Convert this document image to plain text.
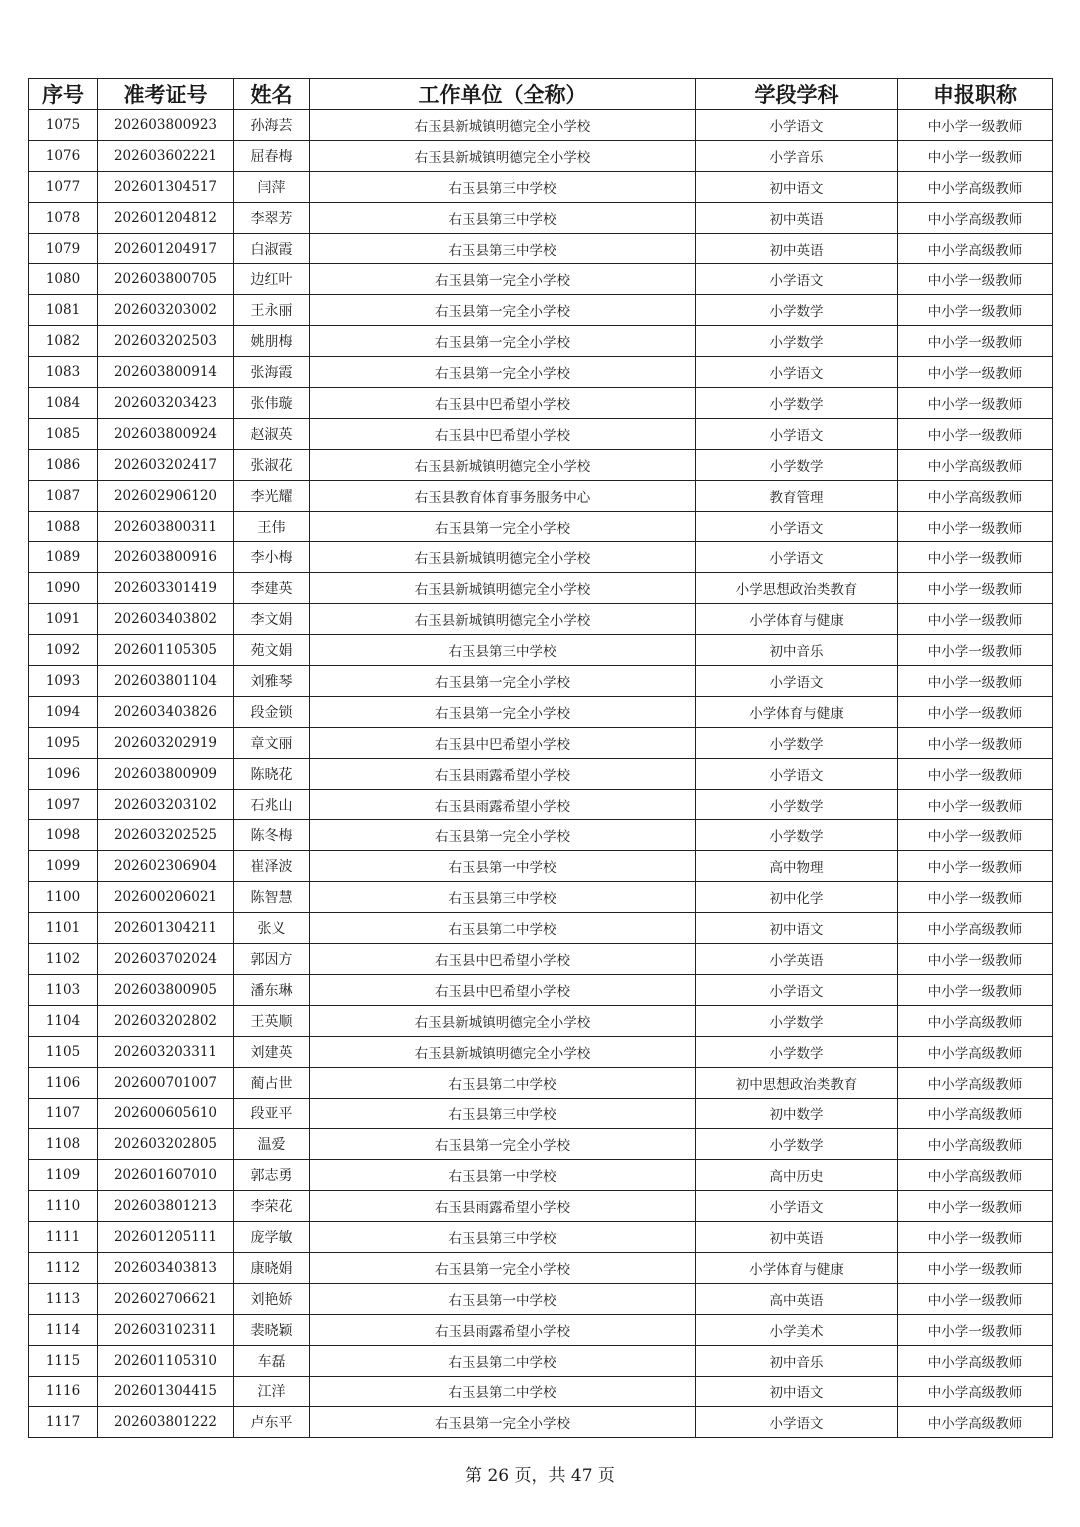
序号	准考证号	姓名	工作单位（全称）	学段学科	申报职称
1075	202603800923	孙海芸	右玉县新城镇明德完全小学校	小学语文	中小学一级教师
1076	202603602221	屈春梅	右玉县新城镇明德完全小学校	小学音乐	中小学一级教师
1077	202601304517	闫萍	右玉县第三中学校	初中语文	中小学高级教师
1078	202601204812	李翠芳	右玉县第三中学校	初中英语	中小学高级教师
1079	202601204917	白淑霞	右玉县第三中学校	初中英语	中小学高级教师
1080	202603800705	边红叶	右玉县第一完全小学校	小学语文	中小学一级教师
1081	202603203002	王永丽	右玉县第一完全小学校	小学数学	中小学一级教师
1082	202603202503	姚朋梅	右玉县第一完全小学校	小学数学	中小学一级教师
1083	202603800914	张海霞	右玉县第一完全小学校	小学语文	中小学一级教师
1084	202603203423	张伟璇	右玉县中巴希望小学校	小学数学	中小学一级教师
1085	202603800924	赵淑英	右玉县中巴希望小学校	小学语文	中小学一级教师
1086	202603202417	张淑花	右玉县新城镇明德完全小学校	小学数学	中小学高级教师
1087	202602906120	李光耀	右玉县教育体育事务服务中心	教育管理	中小学高级教师
1088	202603800311	王伟	右玉县第一完全小学校	小学语文	中小学一级教师
1089	202603800916	李小梅	右玉县新城镇明德完全小学校	小学语文	中小学一级教师
1090	202603301419	李建英	右玉县新城镇明德完全小学校	小学思想政治类教育	中小学一级教师
1091	202603403802	李文娟	右玉县新城镇明德完全小学校	小学体育与健康	中小学一级教师
1092	202601105305	苑文娟	右玉县第三中学校	初中音乐	中小学一级教师
1093	202603801104	刘雅琴	右玉县第一完全小学校	小学语文	中小学一级教师
1094	202603403826	段金锁	右玉县第一完全小学校	小学体育与健康	中小学一级教师
1095	202603202919	章文丽	右玉县中巴希望小学校	小学数学	中小学一级教师
1096	202603800909	陈晓花	右玉县雨露希望小学校	小学语文	中小学一级教师
1097	202603203102	石兆山	右玉县雨露希望小学校	小学数学	中小学一级教师
1098	202603202525	陈冬梅	右玉县第一完全小学校	小学数学	中小学一级教师
1099	202602306904	崔泽波	右玉县第一中学校	高中物理	中小学一级教师
1100	202600206021	陈智慧	右玉县第三中学校	初中化学	中小学一级教师
1101	202601304211	张义	右玉县第二中学校	初中语文	中小学高级教师
1102	202603702024	郭因方	右玉县中巴希望小学校	小学英语	中小学一级教师
1103	202603800905	潘东琳	右玉县中巴希望小学校	小学语文	中小学一级教师
1104	202603202802	王英顺	右玉县新城镇明德完全小学校	小学数学	中小学高级教师
1105	202603203311	刘建英	右玉县新城镇明德完全小学校	小学数学	中小学高级教师
1106	202600701007	蔺占世	右玉县第二中学校	初中思想政治类教育	中小学高级教师
1107	202600605610	段亚平	右玉县第三中学校	初中数学	中小学高级教师
1108	202603202805	温爱	右玉县第一完全小学校	小学数学	中小学高级教师
1109	202601607010	郭志勇	右玉县第一中学校	高中历史	中小学高级教师
1110	202603801213	李荣花	右玉县雨露希望小学校	小学语文	中小学一级教师
1111	202601205111	庞学敏	右玉县第三中学校	初中英语	中小学一级教师
1112	202603403813	康晓娟	右玉县第一完全小学校	小学体育与健康	中小学一级教师
1113	202602706621	刘艳娇	右玉县第一中学校	高中英语	中小学一级教师
1114	202603102311	裴晓颖	右玉县雨露希望小学校	小学美术	中小学一级教师
1115	202601105310	车磊	右玉县第二中学校	初中音乐	中小学高级教师
1116	202601304415	江洋	右玉县第二中学校	初中语文	中小学高级教师
1117	202603801222	卢东平	右玉县第一完全小学校	小学语文	中小学高级教师
第 26 页，共 47 页
